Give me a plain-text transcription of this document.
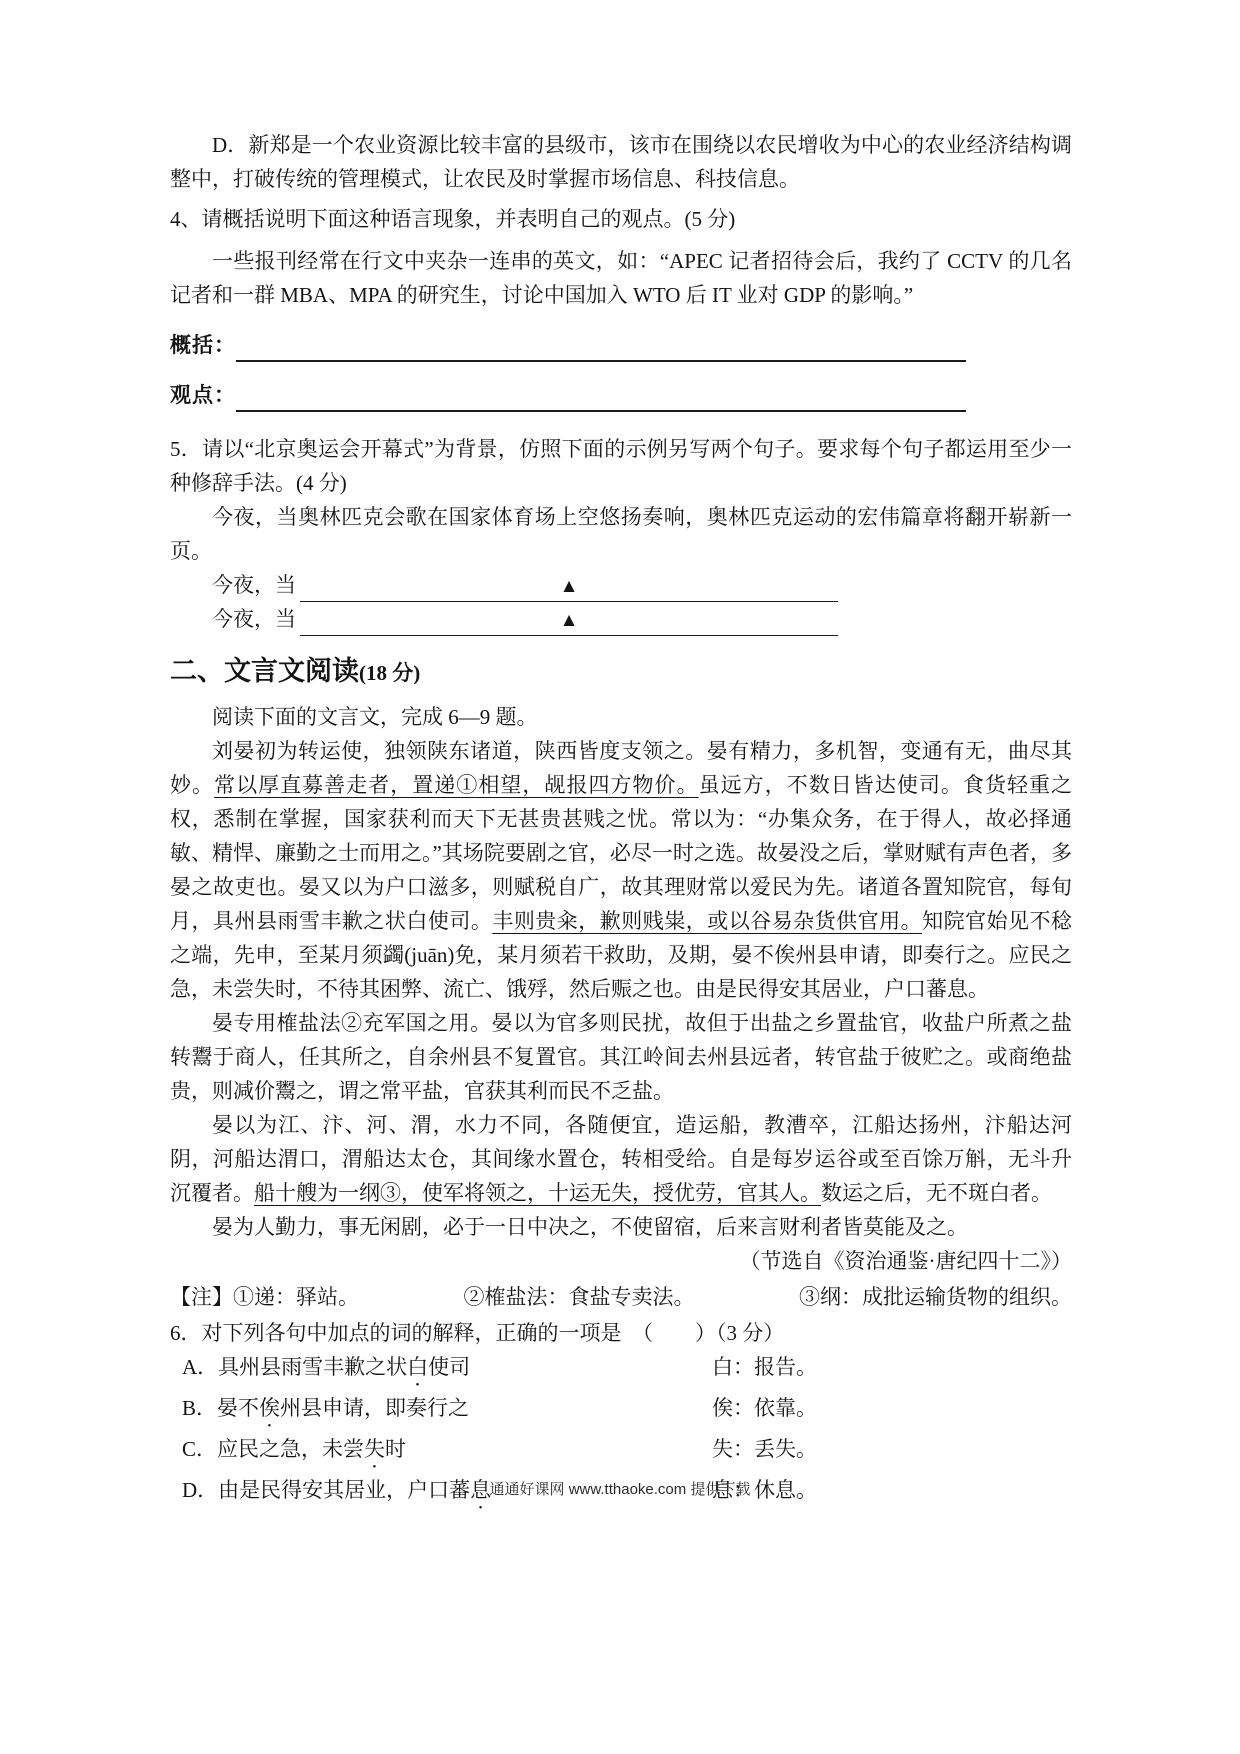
D．新郑是一个农业资源比较丰富的县级市，该市在围绕以农民增收为中心的农业经济结构调整中，打破传统的管理模式，让农民及时掌握市场信息、科技信息。

4、请概括说明下面这种语言现象，并表明自己的观点。(5 分)

一些报刊经常在行文中夹杂一连串的英文，如：“APEC 记者招待会后，我约了 CCTV 的几名记者和一群 MBA、MPA 的研究生，讨论中国加入 WTO 后 IT 业对 GDP 的影响。”

概括：
观点：

5．请以“北京奥运会开幕式”为背景，仿照下面的示例另写两个句子。要求每个句子都运用至少一种修辞手法。(4 分)

今夜，当奥林匹克会歌在国家体育场上空悠扬奏响，奥林匹克运动的宏伟篇章将翻开崭新一页。

今夜，当	▲
今夜，当	▲
二、文言文阅读(18 分)

阅读下面的文言文，完成 6—9 题。

刘晏初为转运使，独领陕东诸道，陕西皆度支领之。晏有精力，多机智，变通有无，曲尽其妙。常以厚直募善走者，置递①相望，觇报四方物价。虽远方，不数日皆达使司。食货轻重之权，悉制在掌握，国家获利而天下无甚贵甚贱之忧。常以为：“办集众务，在于得人，故必择通敏、精悍、廉勤之士而用之。”其场院要剧之官，必尽一时之选。故晏没之后，掌财赋有声色者，多晏之故吏也。晏又以为户口滋多，则赋税自广，故其理财常以爱民为先。诸道各置知院官，每旬月，具州县雨雪丰歉之状白使司。丰则贵籴，歉则贱粜，或以谷易杂货供官用。知院官始见不稔之端，先申，至某月须蠲(juān)免，某月须若干救助，及期，晏不俟州县申请，即奏行之。应民之急，未尝失时，不待其困弊、流亡、饿殍，然后赈之也。由是民得安其居业，户口蕃息。

晏专用榷盐法②充军国之用。晏以为官多则民扰，故但于出盐之乡置盐官，收盐户所煮之盐转鬻于商人，任其所之，自余州县不复置官。其江岭间去州县远者，转官盐于彼贮之。或商绝盐贵，则减价鬻之，谓之常平盐，官获其利而民不乏盐。

晏以为江、汴、河、渭，水力不同，各随便宜，造运船，教漕卒，江船达扬州，汴船达河阴，河船达渭口，渭船达太仓，其间缘水置仓，转相受给。自是每岁运谷或至百馀万斛，无斗升沉覆者。船十艘为一纲③，使军将领之，十运无失，授优劳，官其人。数运之后，无不斑白者。

晏为人勤力，事无闲剧，必于一日中决之，不使留宿，后来言财利者皆莫能及之。

（节选自《资治通鉴·唐纪四十二》）

【注】①递：驿站。	②榷盐法：食盐专卖法。	③纲：成批运输货物的组织。

6．对下列各句中加点的词的解释，正确的一项是　（　　）（3 分）

A．具州县雨雪丰歉之状白使司	白：报告。
B．晏不俟州县申请，即奏行之	俟：依靠。
C．应民之急，未尝失时	失：丢失。
D．由是民得安其居业，户口蕃息	息：休息。
通通好课网 www.tthaoke.com 提供下载
